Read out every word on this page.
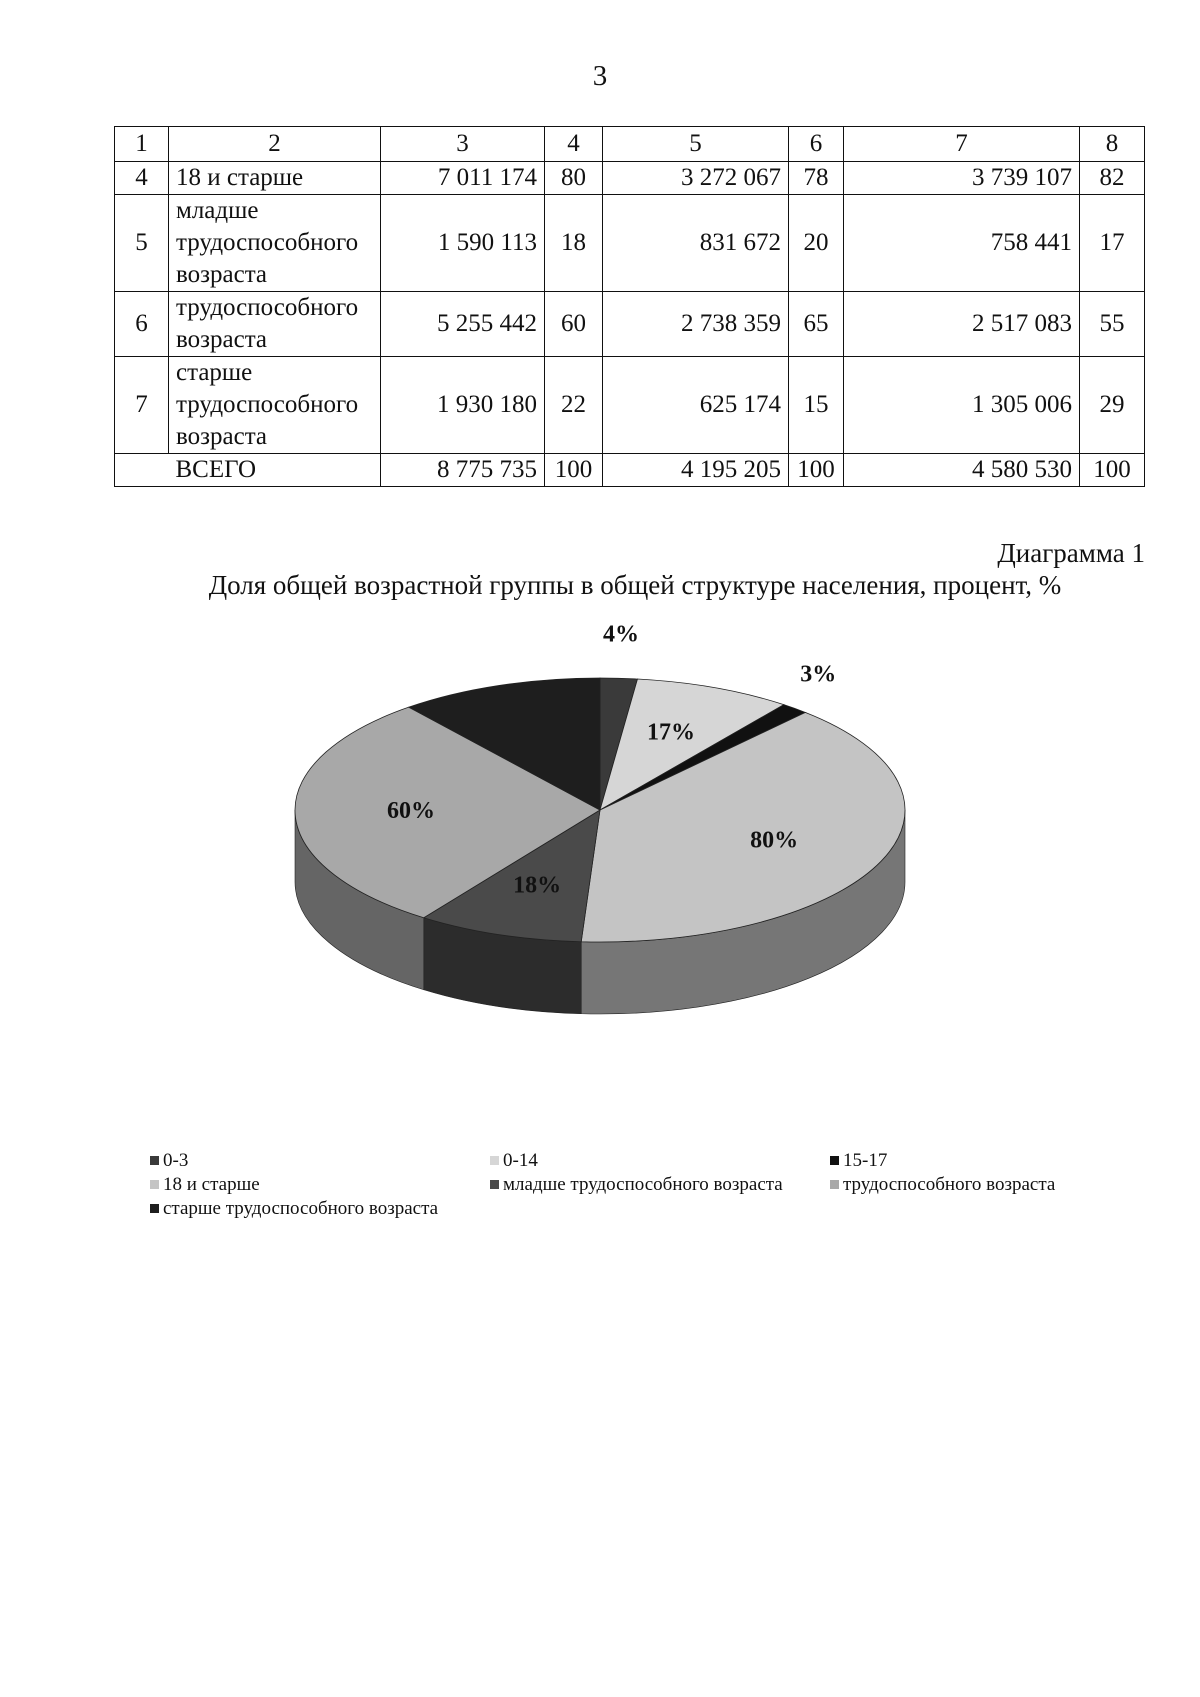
3
1	2	3	4	5	6	7	8
4	18 и старше	7 011 174	80	3 272 067	78	3 739 107	82
5	младше
трудоспособного
возраста	1 590 113	18	831 672	20	758 441	17
6	трудоспособного
возраста	5 255 442	60	2 738 359	65	2 517 083	55
7	старше
трудоспособного
возраста	1 930 180	22	625 174	15	1 305 006	29
	ВСЕГО	8 775 735	100	4 195 205	100	4 580 530	100
Диаграмма 1
Доля общей возрастной группы в общей структуре населения, процент, %
4%
17%
3%
80%
18%
60%
0-3	0-14	15-17
18 и старше	младше трудоспособного возраста	трудоспособного возраста
старше трудоспособного возраста
